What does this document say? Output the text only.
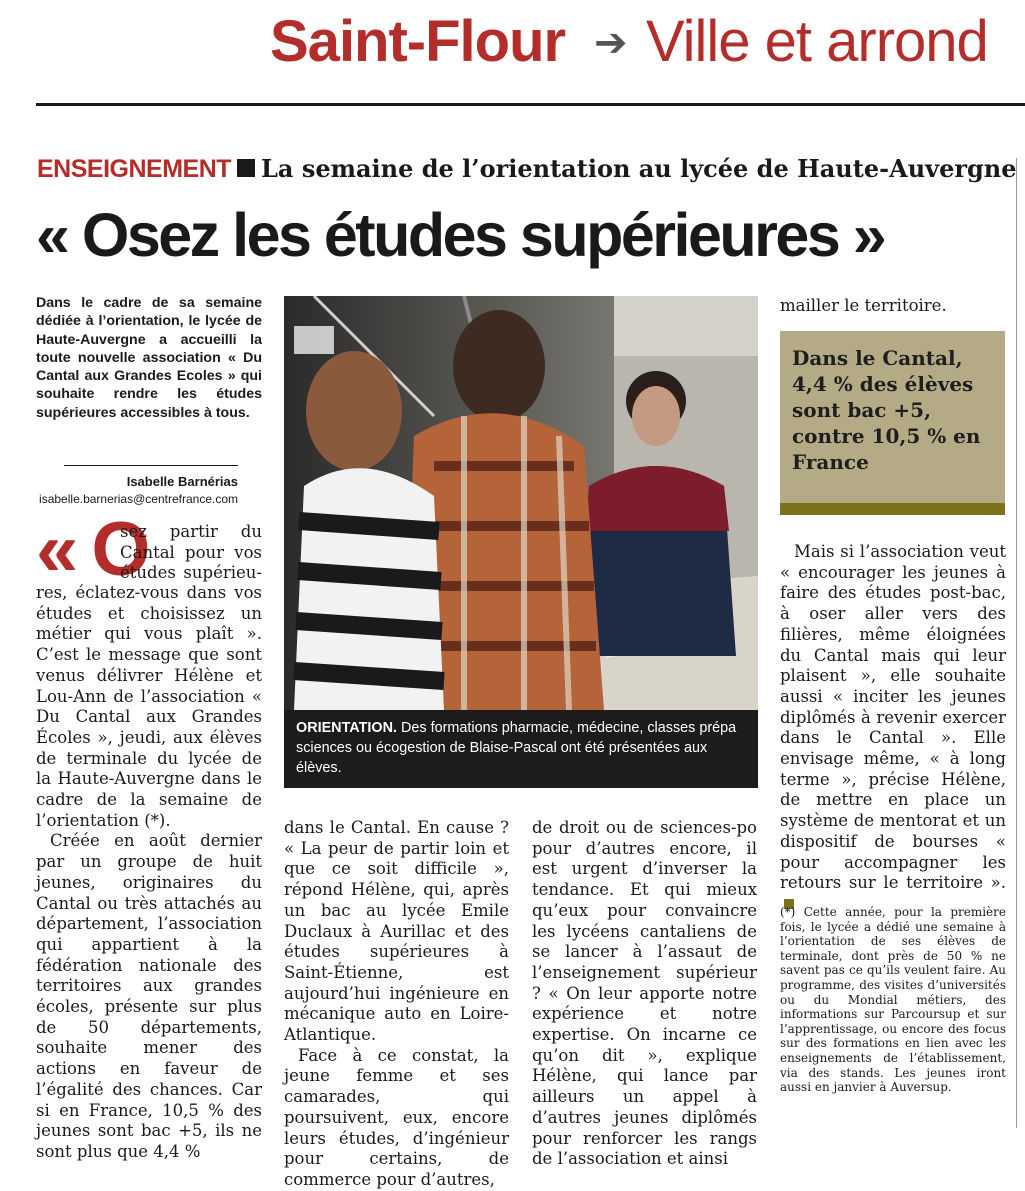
Saint-Flour ➔ Ville et arrond
ENSEIGNEMENT La semaine de l’orientation au lycée de Haute-Auvergne
« Osez les études supérieures »
Dans le cadre de sa semaine dédiée à l’orientation, le lycée de Haute-Auvergne a accueilli la toute nouvelle association « Du Cantal aux Grandes Ecoles » qui souhaite rendre les études supérieures accessibles à tous.
Isabelle Barnérias
isabelle.barnerias@centrefrance.com
« O
sez partir du
Cantal pour vos
études supérieu-

res, éclatez-vous dans vos études et choisissez un métier qui vous plaît ». C’est le message que sont venus délivrer Hélène et Lou-Ann de l’association « Du Cantal aux Grandes Écoles », jeudi, aux élèves de terminale du lycée de la Haute-Auvergne dans le cadre de la semaine de l’orientation (*).

Créée en août dernier par un groupe de huit jeunes, originaires du Cantal ou très attachés au département, l’association qui appartient à la fédération nationale des territoires aux grandes écoles, présente sur plus de 50 départements, souhaite mener des actions en faveur de l’égalité des chances. Car si en France, 10,5 % des jeunes sont bac +5, ils ne sont plus que 4,4 %

ORIENTATION. Des formations pharmacie, médecine, classes prépa sciences ou écogestion de Blaise-Pascal ont été présentées aux élèves.

dans le Cantal. En cause ? « La peur de partir loin et que ce soit difficile », répond Hélène, qui, après un bac au lycée Emile Duclaux à Aurillac et des études supérieures à Saint-Étienne, est aujourd’hui ingénieure en mécanique auto en Loire-Atlantique.

Face à ce constat, la jeune femme et ses camarades, qui poursuivent, eux, encore leurs études, d’ingénieur pour certains, de commerce pour d’autres,

de droit ou de sciences-po pour d’autres encore, il est urgent d’inverser la tendance. Et qui mieux qu’eux pour convaincre les lycéens cantaliens de se lancer à l’assaut de l’enseignement supérieur ? « On leur apporte notre expérience et notre expertise. On incarne ce qu’on dit », explique Hélène, qui lance par ailleurs un appel à d’autres jeunes diplômés pour renforcer les rangs de l’association et ainsi

mailler le territoire.
Dans le Cantal, 4,4 % des élèves sont bac +5, contre 10,5 % en France

Mais si l’association veut « encourager les jeunes à faire des études post-bac, à oser aller vers des filières, même éloignées du Cantal mais qui leur plaisent », elle souhaite aussi « inciter les jeunes diplômés à revenir exercer dans le Cantal ». Elle envisage même, « à long terme », précise Hélène, de mettre en place un système de mentorat et un dispositif de bourses « pour accompagner les retours sur le territoire ».

(*) Cette année, pour la première fois, le lycée a dédié une semaine à l’orientation de ses élèves de terminale, dont près de 50 % ne savent pas ce qu’ils veulent faire. Au programme, des visites d’universités ou du Mondial métiers, des informations sur Parcoursup et sur l’apprentissage, ou encore des focus sur des formations en lien avec les enseignements de l’établissement, via des stands. Les jeunes iront aussi en janvier à Auversup.
